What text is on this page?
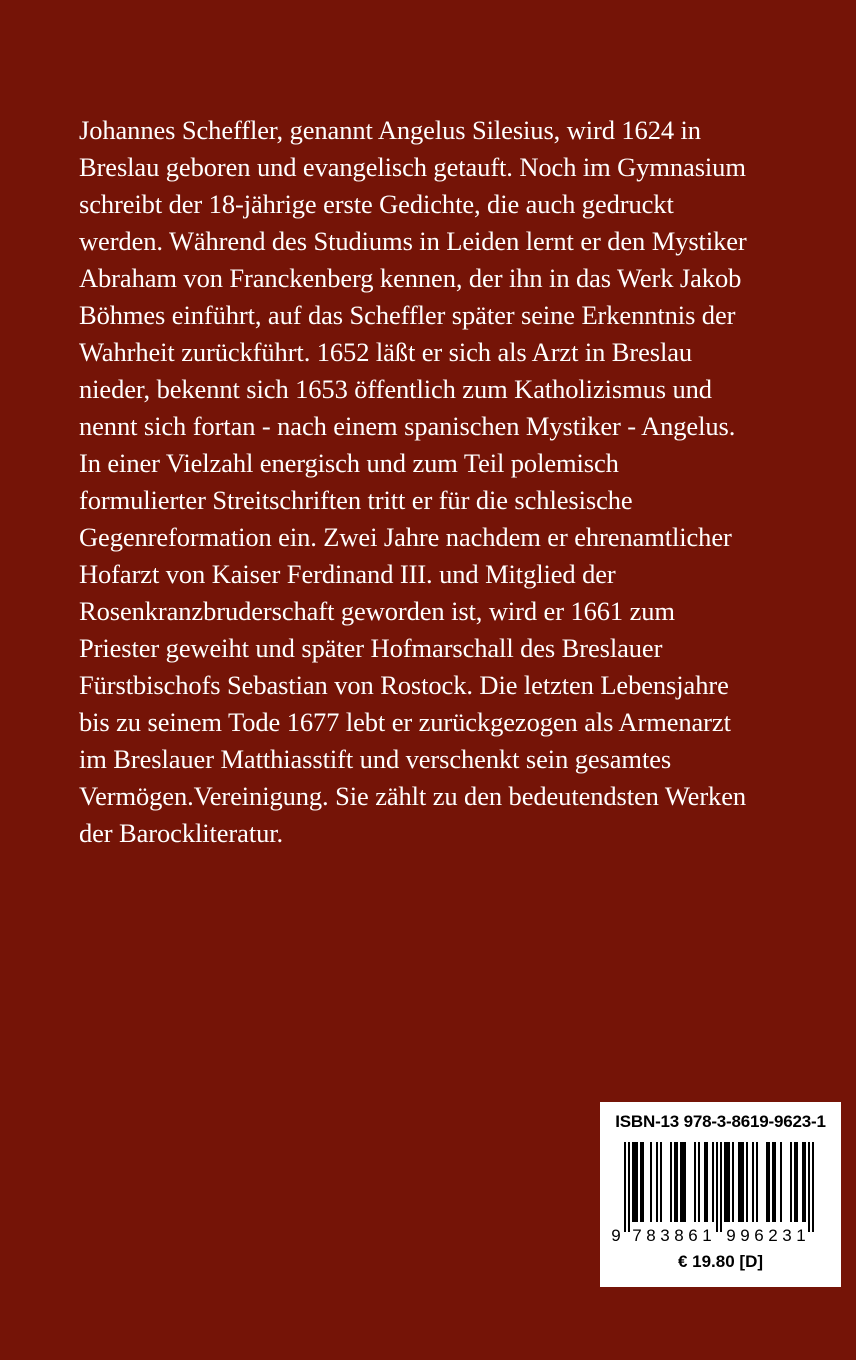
Johannes Scheffler, genannt Angelus Silesius, wird 1624 in
Breslau geboren und evangelisch getauft. Noch im Gymnasium
schreibt der 18-jährige erste Gedichte, die auch gedruckt
werden. Während des Studiums in Leiden lernt er den Mystiker
Abraham von Franckenberg kennen, der ihn in das Werk Jakob
Böhmes einführt, auf das Scheffler später seine Erkenntnis der
Wahrheit zurückführt. 1652 läßt er sich als Arzt in Breslau
nieder, bekennt sich 1653 öffentlich zum Katholizismus und
nennt sich fortan - nach einem spanischen Mystiker - Angelus.
In einer Vielzahl energisch und zum Teil polemisch
formulierter Streitschriften tritt er für die schlesische
Gegenreformation ein. Zwei Jahre nachdem er ehrenamtlicher
Hofarzt von Kaiser Ferdinand III. und Mitglied der
Rosenkranzbruderschaft geworden ist, wird er 1661 zum
Priester geweiht und später Hofmarschall des Breslauer
Fürstbischofs Sebastian von Rostock. Die letzten Lebensjahre
bis zu seinem Tode 1677 lebt er zurückgezogen als Armenarzt
im Breslauer Matthiasstift und verschenkt sein gesamtes
Vermögen.Vereinigung. Sie zählt zu den bedeutendsten Werken
der Barockliteratur.
ISBN-13 978-3-8619-9623-1
9 7 8 3 8 6 1 9 9 6 2 3 1
€ 19.80 [D]
